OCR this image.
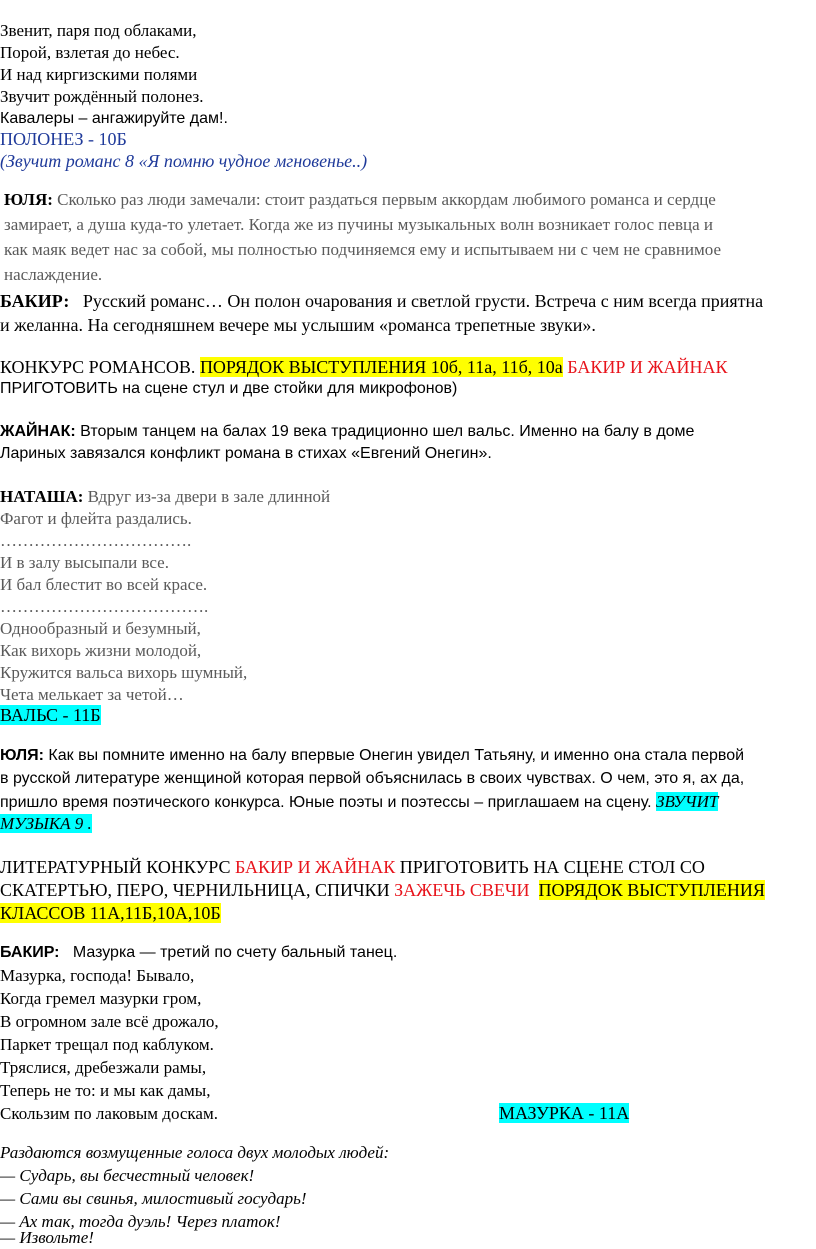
Звенит, паря под облаками,
Порой, взлетая до небес.
И над киргизскими полями
Звучит рождённый полонез.
Кавалеры – ангажируйте дам!.
ПОЛОНЕЗ - 10Б
(Звучит романс 8 «Я помню чудное мгновенье..)
ЮЛЯ: Сколько раз люди замечали: стоит раздаться первым аккордам любимого романса и сердце
замирает, а душа куда-то улетает. Когда же из пучины музыкальных волн возникает голос певца и
как маяк ведет нас за собой, мы полностью подчиняемся ему и испытываем ни с чем не сравнимое
наслаждение.
БАКИР: Русский романс… Он полон очарования и светлой грусти. Встреча с ним всегда приятна
и желанна. На сегодняшнем вечере мы услышим «романса трепетные звуки».
КОНКУРС РОМАНСОВ. ПОРЯДОК ВЫСТУПЛЕНИЯ 10б, 11а, 11б, 10а БАКИР И ЖАЙНАК
ПРИГОТОВИТЬ на сцене стул и две стойки для микрофонов)
ЖАЙНАК: Вторым танцем на балах 19 века традиционно шел вальс. Именно на балу в доме
Лариных завязался конфликт романа в стихах «Евгений Онегин».
НАТАША: Вдруг из-за двери в зале длинной
Фагот и флейта раздались.
…………………………….
И в залу высыпали все.
И бал блестит во всей красе.
……………………………….
Однообразный и безумный,
Как вихорь жизни молодой,
Кружится вальса вихорь шумный,
Чета мелькает за четой…
ВАЛЬС - 11Б
ЮЛЯ: Как вы помните именно на балу впервые Онегин увидел Татьяну, и именно она стала первой
в русской литературе женщиной которая первой объяснилась в своих чувствах. О чем, это я, ах да,
пришло время поэтического конкурса. Юные поэты и поэтессы – приглашаем на сцену. ЗВУЧИТ
МУЗЫКА 9 .
ЛИТЕРАТУРНЫЙ КОНКУРС БАКИР И ЖАЙНАК ПРИГОТОВИТЬ НА СЦЕНЕ СТОЛ СО
СКАТЕРТЬЮ, ПЕРО, ЧЕРНИЛЬНИЦА, СПИЧКИ ЗАЖЕЧЬ СВЕЧИ ПОРЯДОК ВЫСТУПЛЕНИЯ
КЛАССОВ 11А,11Б,10А,10Б
БАКИР: Мазурка — третий по счету бальный танец.
Мазурка, господа! Бывало,
Когда гремел мазурки гром,
В огромном зале всё дрожало,
Паркет трещал под каблуком.
Тряслися, дребезжали рамы,
Теперь не то: и мы как дамы,
Скользим по лаковым доскам.	МАЗУРКА - 11А
Раздаются возмущенные голоса двух молодых людей:
— Сударь, вы бесчестный человек!
— Сами вы свинья, милостивый государь!
— Ах так, тогда дуэль! Через платок!
— Извольте!
